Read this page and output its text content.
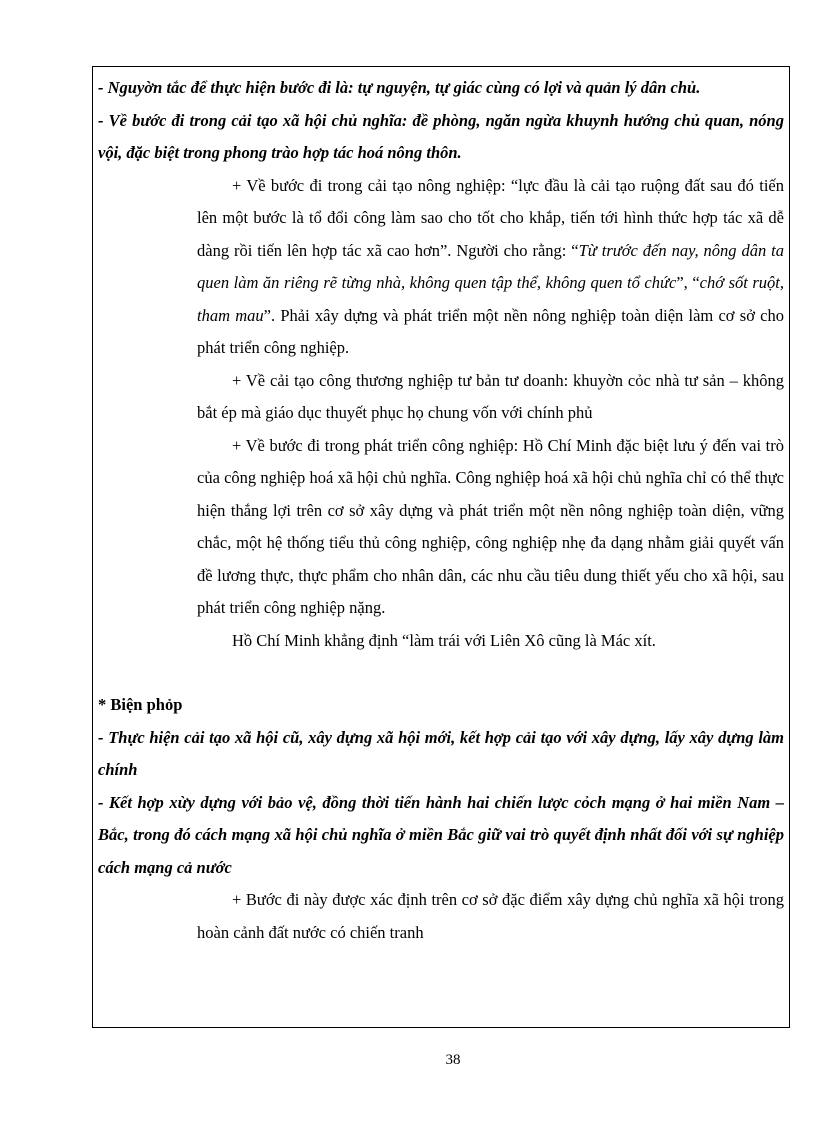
- Nguyờn tắc để thực hiện bước đi là: tự nguyện, tự giác cùng có lợi và quản lý dân chủ.

- Về bước đi trong cải tạo xã hội chủ nghĩa: đề phòng, ngăn ngừa khuynh hướng chủ quan, nóng vội, đặc biệt trong phong trào hợp tác hoá nông thôn.

+ Về bước đi trong cải tạo nông nghiệp: “lực đầu là cải tạo ruộng đất sau đó tiến lên một bước là tổ đổi công làm sao cho tốt cho khắp, tiến tới hình thức hợp tác xã dễ dàng rồi tiến lên hợp tác xã cao hơn”. Người cho rằng: “Từ trước đến nay, nông dân ta quen làm ăn riêng rẽ từng nhà, không quen tập thể, không quen tổ chức”, “chớ sốt ruột, tham mau”. Phải xây dựng và phát triển một nền nông nghiệp toàn diện làm cơ sở cho phát triển công nghiệp.

+ Về cải tạo công thương nghiệp tư bản tư doanh: khuyờn cỏc nhà tư sản – không bắt ép mà giáo dục thuyết phục họ chung vốn với chính phủ

+ Về bước đi trong phát triển công nghiệp: Hồ Chí Minh đặc biệt lưu ý đến vai trò của công nghiệp hoá xã hội chủ nghĩa. Công nghiệp hoá xã hội chủ nghĩa chỉ có thể thực hiện thắng lợi trên cơ sở xây dựng và phát triển một nền nông nghiệp toàn diện, vững chắc, một hệ thống tiểu thủ công nghiệp, công nghiệp nhẹ đa dạng nhằm giải quyết vấn đề lương thực, thực phẩm cho nhân dân, các nhu cầu tiêu dung thiết yếu cho xã hội, sau phát triển công nghiệp nặng.

Hồ Chí Minh khẳng định “làm trái với Liên Xô cũng là Mác xít.

* Biện phỏp

- Thực hiện cải tạo xã hội cũ, xây dựng xã hội mới, kết hợp cải tạo với xây dựng, lấy xây dựng làm chính

- Kết hợp xừy dựng với bảo vệ, đồng thời tiến hành hai chiến lược cỏch mạng ở hai miền Nam – Bắc, trong đó cách mạng xã hội chủ nghĩa ở miền Bắc giữ vai trò quyết định nhất đối với sự nghiệp cách mạng cả nước

+ Bước đi này được xác định trên cơ sở đặc điểm xây dựng chủ nghĩa xã hội trong hoàn cảnh đất nước có chiến tranh

38
